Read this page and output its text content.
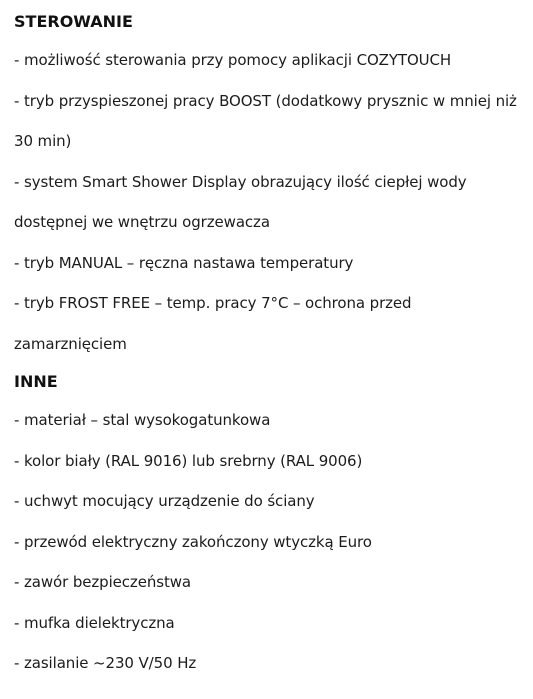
STEROWANIE

- możliwość sterowania przy pomocy aplikacji COZYTOUCH

- tryb przyspieszonej pracy BOOST (dodatkowy prysznic w mniej niż 30 min)

- system Smart Shower Display obrazujący ilość ciepłej wody dostępnej we wnętrzu ogrzewacza

- tryb MANUAL – ręczna nastawa temperatury

- tryb FROST FREE – temp. pracy 7°C – ochrona przed zamarznięciem

INNE

- materiał – stal wysokogatunkowa

- kolor biały (RAL 9016) lub srebrny (RAL 9006)

- uchwyt mocujący urządzenie do ściany

- przewód elektryczny zakończony wtyczką Euro

- zawór bezpieczeństwa

- mufka dielektryczna

- zasilanie ~230 V/50 Hz
